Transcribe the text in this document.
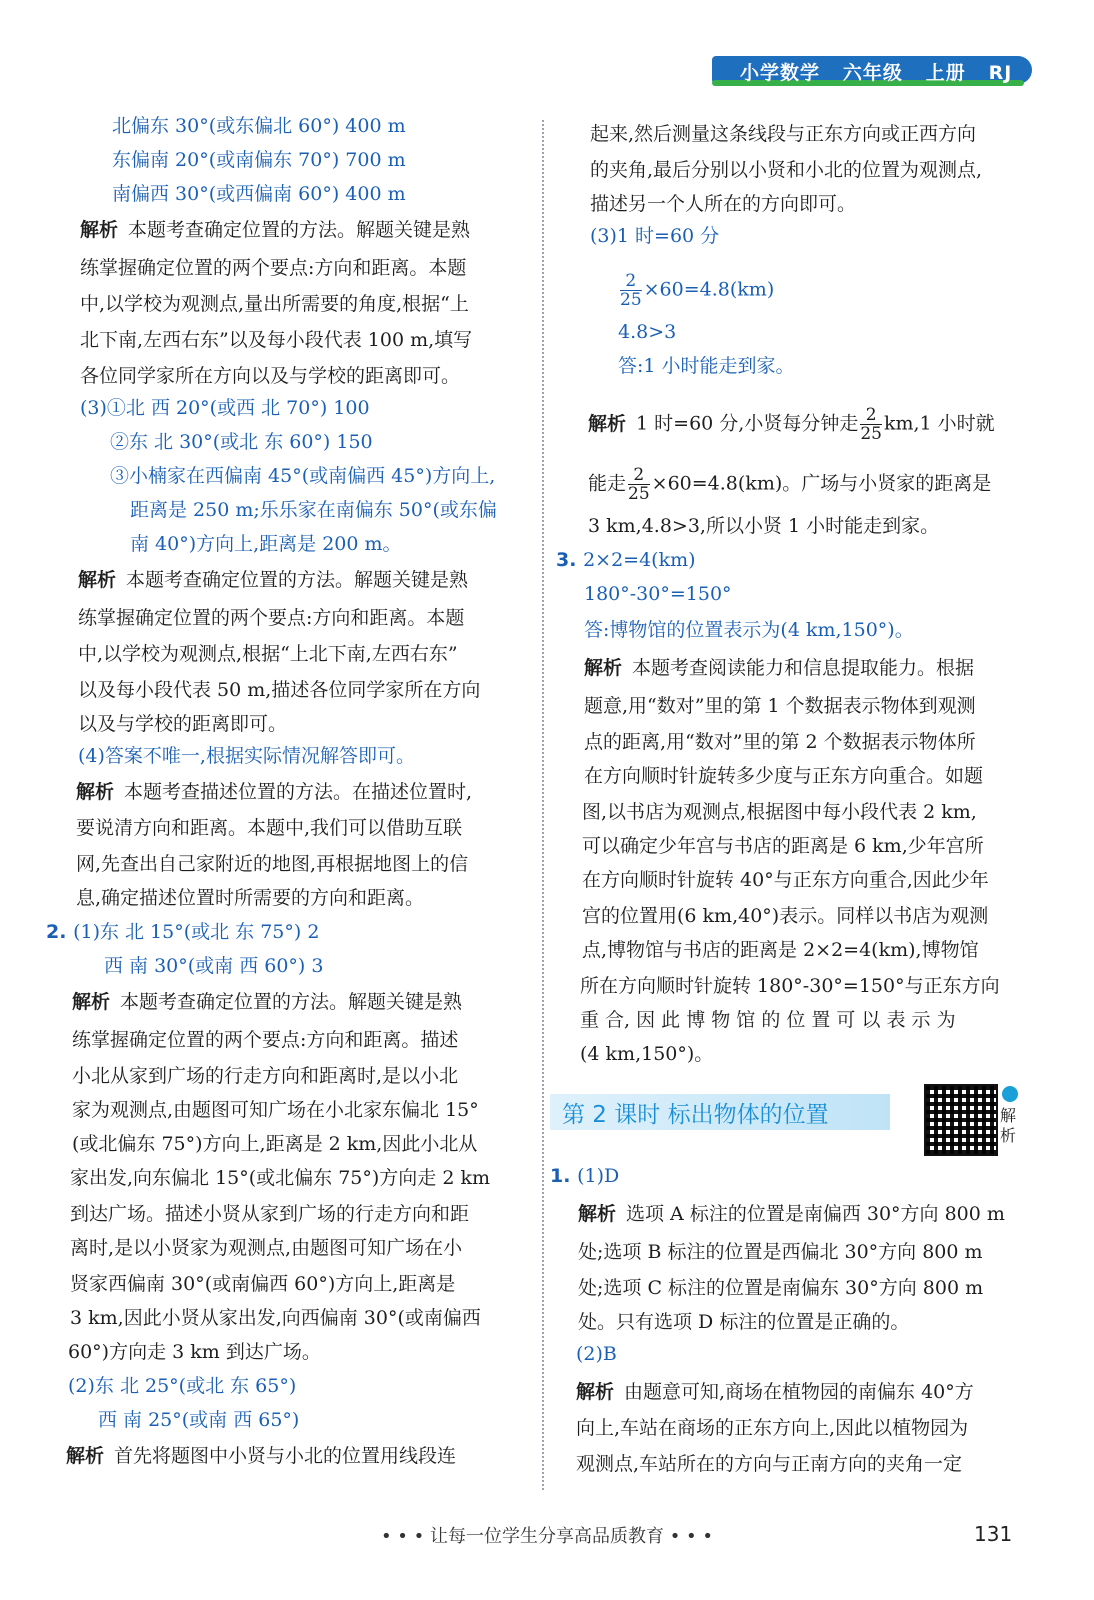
小学数学 六年级 上册 RJ
北偏东 30°(或东偏北 60°) 400 m
东偏南 20°(或南偏东 70°) 700 m
南偏西 30°(或西偏南 60°) 400 m
解析 本题考查确定位置的方法。解题关键是熟
练掌握确定位置的两个要点:方向和距离。本题
中,以学校为观测点,量出所需要的角度,根据“上
北下南,左西右东”以及每小段代表 100 m,填写
各位同学家所在方向以及与学校的距离即可。
(3)①北 西 20°(或西 北 70°) 100
②东 北 30°(或北 东 60°) 150
③小楠家在西偏南 45°(或南偏西 45°)方向上,
距离是 250 m;乐乐家在南偏东 50°(或东偏
南 40°)方向上,距离是 200 m。
解析 本题考查确定位置的方法。解题关键是熟
练掌握确定位置的两个要点:方向和距离。本题
中,以学校为观测点,根据“上北下南,左西右东”
以及每小段代表 50 m,描述各位同学家所在方向
以及与学校的距离即可。
(4)答案不唯一,根据实际情况解答即可。
解析 本题考查描述位置的方法。在描述位置时,
要说清方向和距离。本题中,我们可以借助互联
网,先查出自己家附近的地图,再根据地图上的信
息,确定描述位置时所需要的方向和距离。
2. (1)东 北 15°(或北 东 75°) 2
西 南 30°(或南 西 60°) 3
解析 本题考查确定位置的方法。解题关键是熟
练掌握确定位置的两个要点:方向和距离。描述
小北从家到广场的行走方向和距离时,是以小北
家为观测点,由题图可知广场在小北家东偏北 15°
(或北偏东 75°)方向上,距离是 2 km,因此小北从
家出发,向东偏北 15°(或北偏东 75°)方向走 2 km
到达广场。描述小贤从家到广场的行走方向和距
离时,是以小贤家为观测点,由题图可知广场在小
贤家西偏南 30°(或南偏西 60°)方向上,距离是
3 km,因此小贤从家出发,向西偏南 30°(或南偏西
60°)方向走 3 km 到达广场。
(2)东 北 25°(或北 东 65°)
西 南 25°(或南 西 65°)
解析 首先将题图中小贤与小北的位置用线段连
起来,然后测量这条线段与正东方向或正西方向
的夹角,最后分别以小贤和小北的位置为观测点,
描述另一个人所在的方向即可。
(3)1 时=60 分
$\frac{2}{25} \times 60=4.8(km)$
4.8>3
答:1 小时能走到家。
解析 1 时=60 分,小贤每分钟走 $\frac{2}{25} km,1$ 小时就
能走 $\frac{2}{25} \times 60=4.8(km)$。广场与小贤家的距离是
3 km,4.8>3,所以小贤 1 小时能走到家。
3. 2×2=4(km)
180°-30°=150°
答:博物馆的位置表示为(4 km,150°)。
解析 本题考查阅读能力和信息提取能力。根据
题意,用“数对”里的第 1 个数据表示物体到观测
点的距离,用“数对”里的第 2 个数据表示物体所
在方向顺时针旋转多少度与正东方向重合。如题
图,以书店为观测点,根据图中每小段代表 2 km,
可以确定少年宫与书店的距离是 6 km,少年宫所
在方向顺时针旋转 40°与正东方向重合,因此少年
宫的位置用(6 km,40°)表示。同样以书店为观测
点,博物馆与书店的距离是 2×2=4(km),博物馆
所在方向顺时针旋转 180°-30°=150°与正东方向
重 合, 因 此 博 物 馆 的 位 置 可 以 表 示 为
(4 km,150°)。
1. (1)D
解析 选项 A 标注的位置是南偏西 30°方向 800 m
处;选项 B 标注的位置是西偏北 30°方向 800 m
处;选项 C 标注的位置是南偏东 30°方向 800 m
处。只有选项 D 标注的位置是正确的。
(2)B
解析 由题意可知,商场在植物园的南偏东 40°方
向上,车站在商场的正东方向上,因此以植物园为
观测点,车站所在的方向与正南方向的夹角一定
第 2 课时 标出物体的位置	解析
• • • 让每一位学生分享高品质教育 • • •	131
